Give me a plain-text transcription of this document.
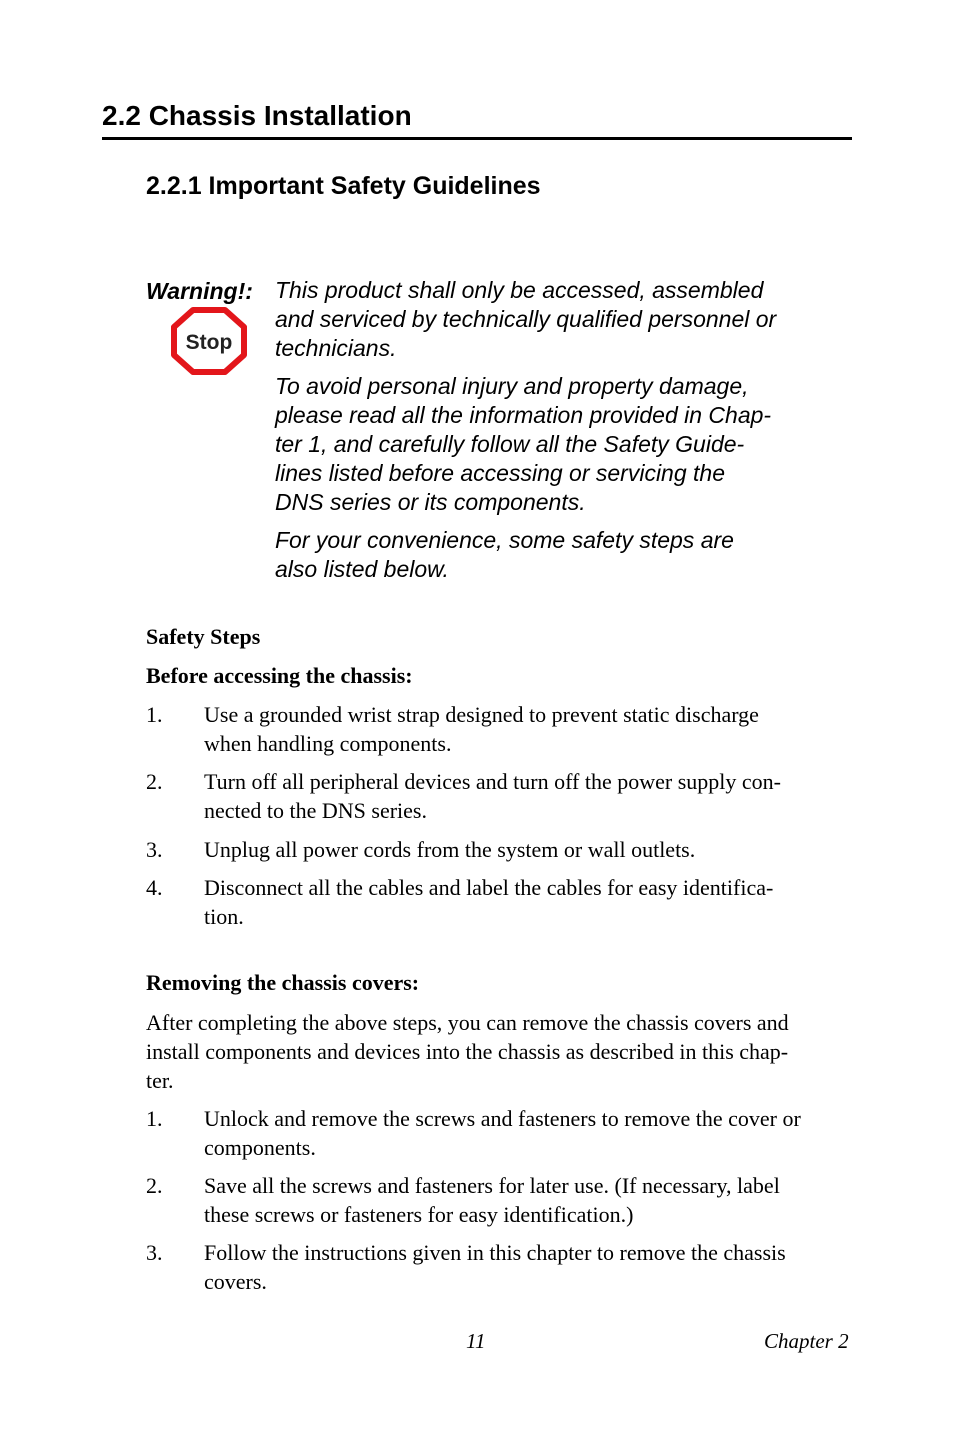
2.2 Chassis Installation
2.2.1 Important Safety Guidelines
Warning!:
Stop

This product shall only be accessed, assembled
and serviced by technically qualified personnel or
technicians.

To avoid personal injury and property damage,
please read all the information provided in Chap-
ter 1, and carefully follow all the Safety Guide-
lines listed before accessing or servicing the
DNS series or its components.

For your convenience, some safety steps are
also listed below.

Safety Steps
Before accessing the chassis:
1. Use a grounded wrist strap designed to prevent static discharge
when handling components.
2. Turn off all peripheral devices and turn off the power supply con-
nected to the DNS series.
3. Unplug all power cords from the system or wall outlets.
4. Disconnect all the cables and label the cables for easy identifica-
tion.
Removing the chassis covers:

After completing the above steps, you can remove the chassis covers and
install components and devices into the chassis as described in this chap-
ter.

1. Unlock and remove the screws and fasteners to remove the cover or
components.
2. Save all the screws and fasteners for later use. (If necessary, label
these screws or fasteners for easy identification.)
3. Follow the instructions given in this chapter to remove the chassis
covers.
11	Chapter 2
